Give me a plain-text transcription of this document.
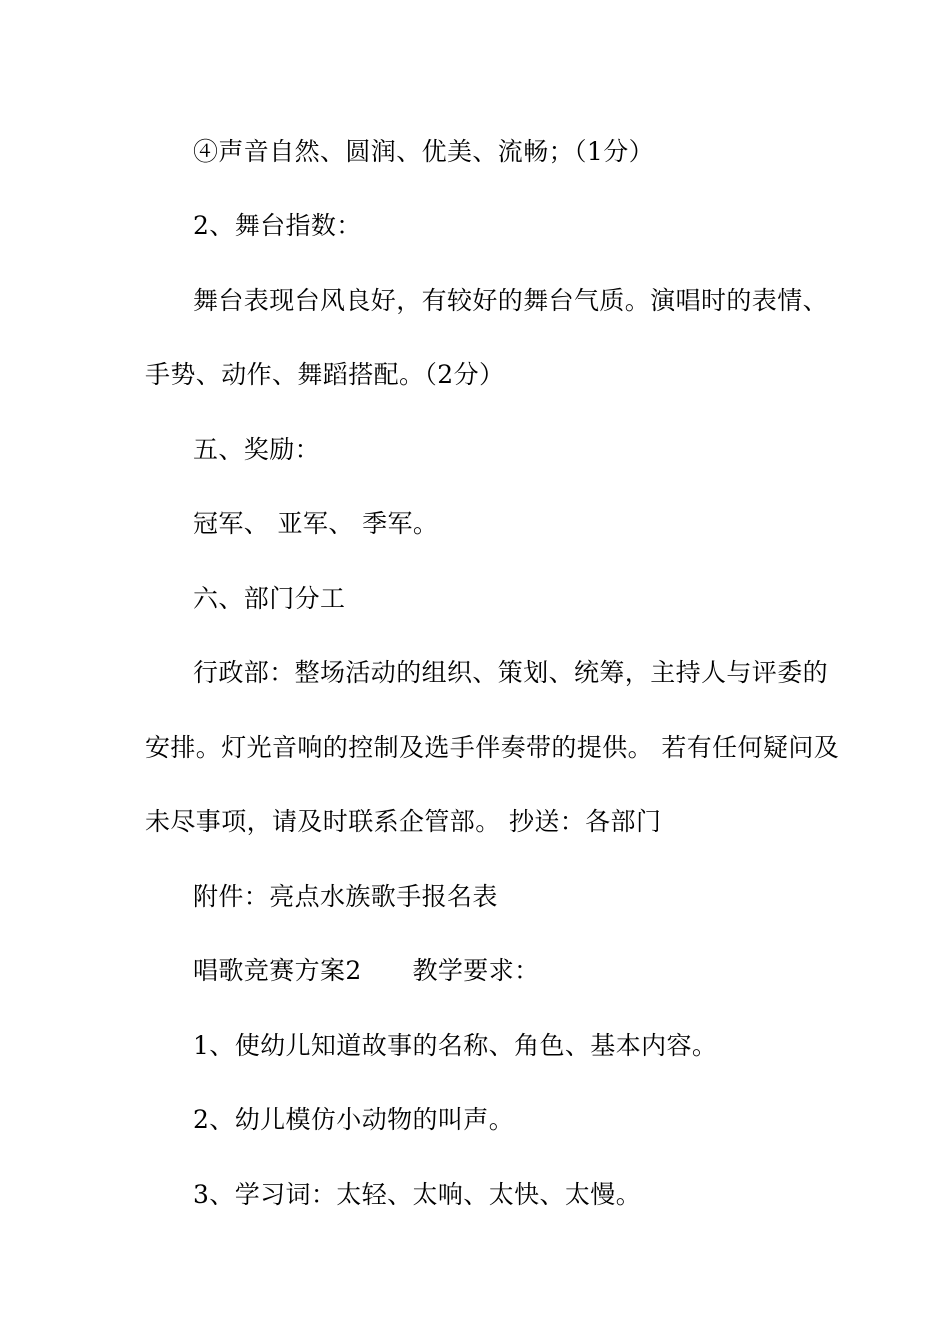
④声音自然、圆润、优美、流畅；（1分）
2、舞台指数：
舞台表现台风良好，有较好的舞台气质。演唱时的表情、
手势、动作、舞蹈搭配。（2分）
五、奖励：
冠军、 亚军、 季军。
六、部门分工
行政部：整场活动的组织、策划、统筹，主持人与评委的
安排。灯光音响的控制及选手伴奏带的提供。 若有任何疑问及
未尽事项，请及时联系企管部。 抄送：各部门
附件：亮点水族歌手报名表
唱歌竞赛方案2　　教学要求：
1、使幼儿知道故事的名称、角色、基本内容。
2、幼儿模仿小动物的叫声。
3、学习词：太轻、太响、太快、太慢。
